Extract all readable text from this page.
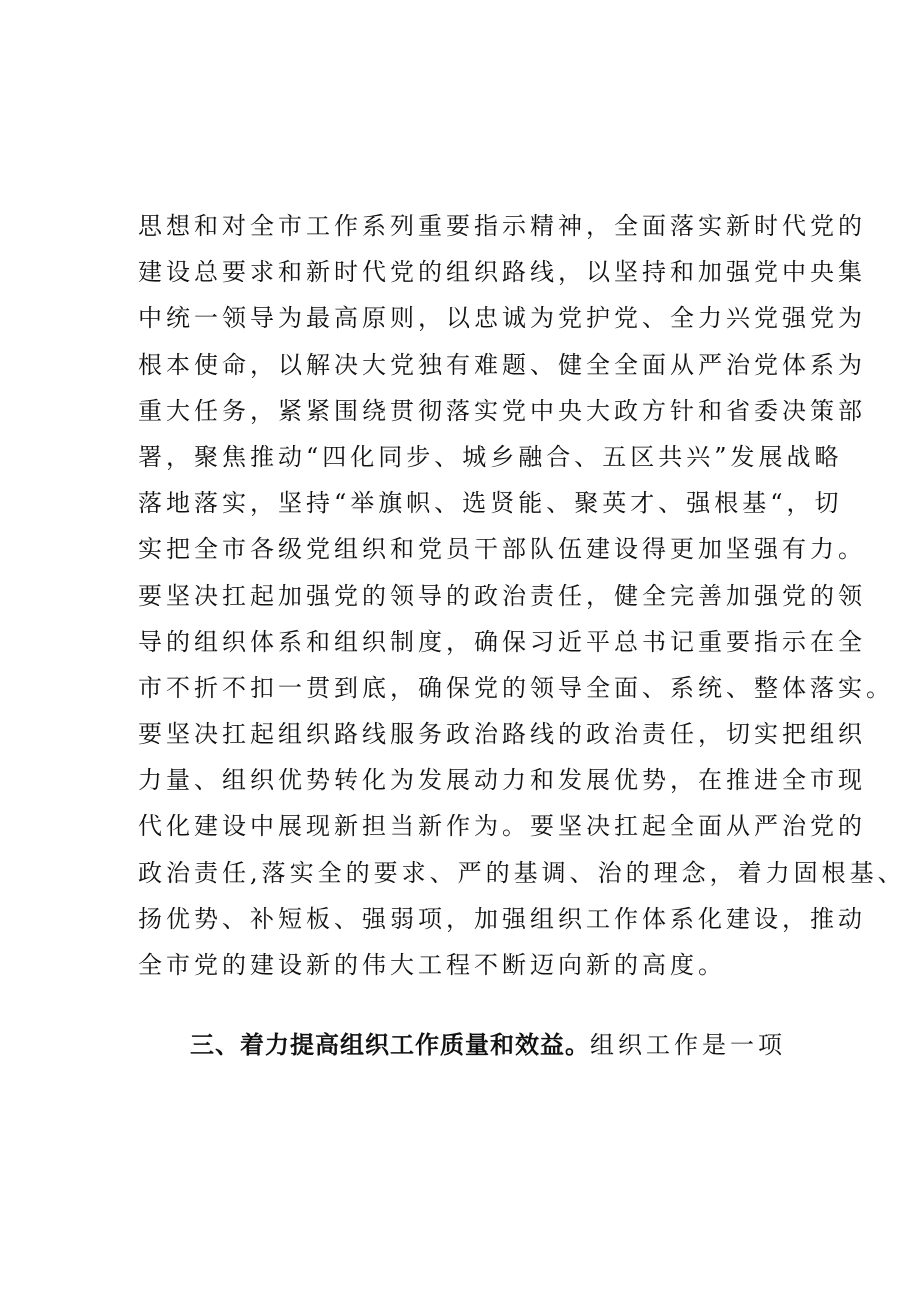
思想和对全市工作系列重要指示精神，全面落实新时代党的
建设总要求和新时代党的组织路线，以坚持和加强党中央集
中统一领导为最高原则，以忠诚为党护党、全力兴党强党为
根本使命，以解决大党独有难题、健全全面从严治党体系为
重大任务，紧紧围绕贯彻落实党中央大政方针和省委决策部
署，聚焦推动“四化同步、城乡融合、五区共兴”发展战略
落地落实，坚持“举旗帜、选贤能、聚英才、强根基“，切
实把全市各级党组织和党员干部队伍建设得更加坚强有力。
要坚决扛起加强党的领导的政治责任，健全完善加强党的领
导的组织体系和组织制度，确保习近平总书记重要指示在全
市不折不扣一贯到底，确保党的领导全面、系统、整体落实。
要坚决扛起组织路线服务政治路线的政治责任，切实把组织
力量、组织优势转化为发展动力和发展优势，在推进全市现
代化建设中展现新担当新作为。要坚决扛起全面从严治党的
政治责任,落实全的要求、严的基调、治的理念，着力固根基、
扬优势、补短板、强弱项，加强组织工作体系化建设，推动
全市党的建设新的伟大工程不断迈向新的高度。
三、着力提高组织工作质量和效益。组织工作是一项
